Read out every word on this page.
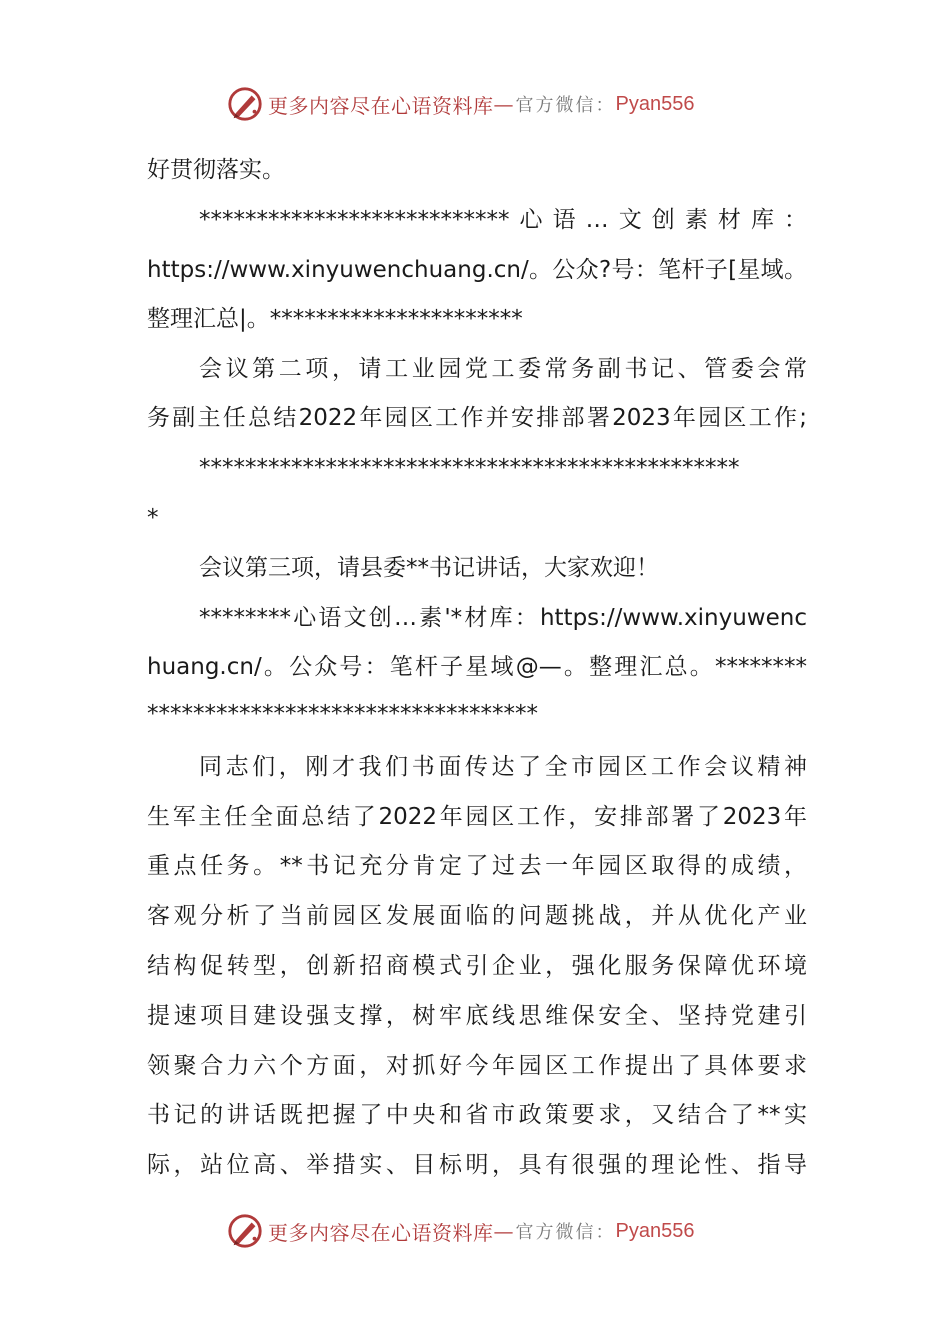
更多内容尽在心语资料库 — 官方微信： Pyan556
好贯彻落实。
***************************心语…文创素材库：
https://www.xinyuwenchuang.cn/。公众?号：笔杆子[星域。
整理汇总|。**********************
会议第二项，请工业园党工委常务副书记、管委会常
务副主任总结2022年园区工作并安排部署2023年园区工作;
***********************************************
*
会议第三项，请县委**书记讲话，大家欢迎！
********心语文创…素'*材库：https://www.xinyuwenc
huang.cn/。公众号：笔杆子星域@—。整理汇总。********
**********************************
同志们，刚才我们书面传达了全市园区工作会议精神
生军主任全面总结了2022年园区工作，安排部署了2023年
重点任务。**书记充分肯定了过去一年园区取得的成绩，
客观分析了当前园区发展面临的问题挑战，并从优化产业
结构促转型，创新招商模式引企业，强化服务保障优环境
提速项目建设强支撑，树牢底线思维保安全、坚持党建引
领聚合力六个方面，对抓好今年园区工作提出了具体要求
书记的讲话既把握了中央和省市政策要求，又结合了**实
际，站位高、举措实、目标明，具有很强的理论性、指导
更多内容尽在心语资料库 — 官方微信： Pyan556
